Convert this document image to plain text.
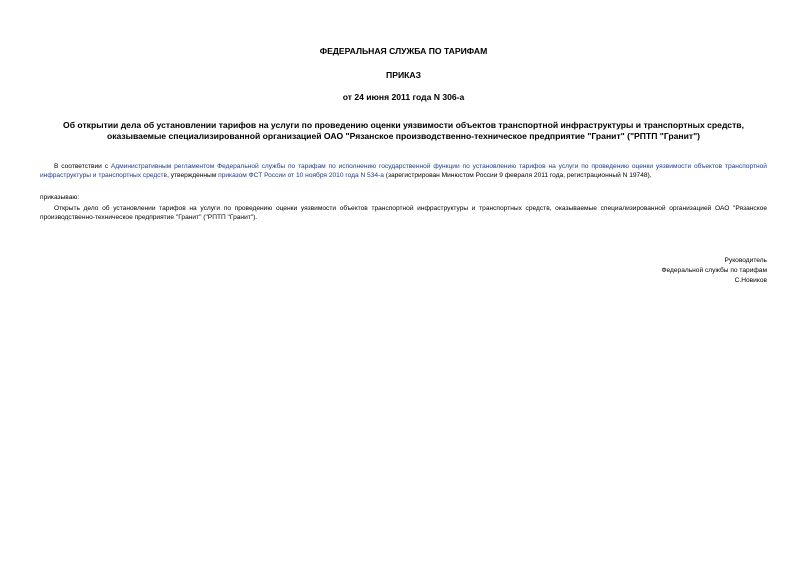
ФЕДЕРАЛЬНАЯ СЛУЖБА ПО ТАРИФАМ
ПРИКАЗ
от 24 июня 2011 года N 306-а
Об открытии дела об установлении тарифов на услуги по проведению оценки уязвимости объектов транспортной инфраструктуры и транспортных средств, оказываемые специализированной организацией ОАО "Рязанское производственно-техническое предприятие "Гранит" ("РПТП "Гранит")
В соответствии с Административным регламентом Федеральной службы по тарифам по исполнению государственной функции по установлению тарифов на услуги по проведению оценки уязвимости объектов транспортной инфраструктуры и транспортных средств, утвержденным приказом ФСТ России от 10 ноября 2010 года N 534-а (зарегистрирован Минюстом России 9 февраля 2011 года, регистрационный N 19748),
приказываю:
Открыть дело об установлении тарифов на услуги по проведению оценки уязвимости объектов транспортной инфраструктуры и транспортных средств, оказываемые специализированной организацией ОАО "Рязанское производственно-техническое предприятие "Гранит" ("РПТП "Гранит").
Руководитель
Федеральной службы по тарифам
С.Новиков
